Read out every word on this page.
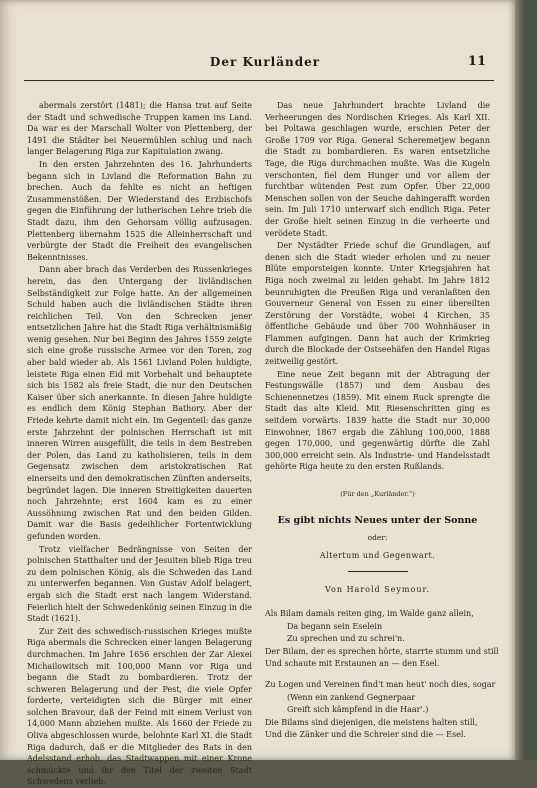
Der Kurländer	11

abermals zerstört (1481); die Hansa trat auf Seite der Stadt und schwedische Truppen kamen ins Land. Da war es der Marschall Wolter von Plettenberg, der 1491 die Städter bei Neuermühlen schlug und nach langer Belagerung Riga zur Kapitulation zwang.

In den ersten Jahrzehnten des 16. Jahrhunderts begann sich in Livland die Reformation Bahn zu brechen. Auch da fehlte es nicht an heftigen Zusammenstößen. Der Wiederstand des Erzbischofs gegen die Einführung der lutherischen Lehre trieb die Stadt dazu, ihm den Gehorsam völlig aufzusagen. Plettenberg übernahm 1525 die Alleinherrschaft und verbürgte der Stadt die Freiheit des evangelischen Bekenntnisses.

Dann aber brach das Verderben des Russenkrieges herein, das den Untergang der livländischen Selbständigkeit zur Folge hatte. An der allgemeinen Schuld haben auch die livländischen Städte ihren reichlichen Teil. Von den Schrecken jener entsetzlichen Jahre hat die Stadt Riga verhältnismäßig wenig gesehen. Nur bei Beginn des Jahres 1559 zeigte sich eine große russische Armee vor den Toren, zog aber bald wieder ab. Als 1561 Livland Polen huldigte, leistete Riga einen Eid mit Vorbehalt und behauptete sich bis 1582 als freie Stadt, die nur den Deutschen Kaiser über sich anerkannte. In diesen Jahre huldigte es endlich dem König Stephan Bathory. Aber der Friede kehrte damit nicht ein. Im Gegenteil: das ganze erste Jahrzehnt der polnischen Herrschaft ist mit inneren Wirren ausgefüllt, die teils in dem Bestreben der Polen, das Land zu katholisieren, teils in dem Gegensatz zwischen dem aristokratischen Rat einerseits und den demokratischen Zünften anderseits, begründet lagen. Die inneren Streitigkeiten dauerten noch Jahrzehnte; erst 1604 kam es zu einer Aussöhnung zwischen Rat und den beiden Gilden. Damit war die Basis gedeihlicher Fortentwicklung gefunden worden.

Trotz vielfacher Bedrängnisse von Seiten der polnischen Statthalter und der Jesuiten blieb Riga treu zu dem polnischen König, als die Schweden das Land zu unterwerfen begannen. Von Gustav Adolf belagert, ergab sich die Stadt erst nach langem Widerstand. Feierlich hielt der Schwedenkönig seinen Einzug in die Stadt (1621).

Zur Zeit des schwedisch-russischen Krieges mußte Riga abermals die Schrecken einer langen Belagerung durchmachen. Im Jahre 1656 erschien der Zar Alexei Michailowitsch mit 100,000 Mann vor Riga und begann die Stadt zu bombardieren. Trotz der schweren Belagerung und der Pest, die viele Opfer forderte, verteidigten sich die Bürger mit einer solchen Bravour, daß der Feind mit einem Verlust von 14,000 Mann abziehen mußte. Als 1660 der Friede zu Oliva abgeschlossen wurde, belohnte Karl XI. die Stadt Riga dadurch, daß er die Mitglieder des Rats in den Adelsstand erhob, das Stadtwappen mit einer Krone schmückte und ihr den Titel der zweiten Stadt Schwedens verlieh.

Das neue Jahrhundert brachte Livland die Verheerungen des Nordischen Krieges. Als Karl XII. bei Poltawa geschlagen wurde, erschien Peter der Große 1709 vor Riga. General Scheremetjew begann die Stadt zu bombardieren. Es waren entsetzliche Tage, die Riga durchmachen mußte. Was die Kugeln verschonten, fiel dem Hunger und vor allem der furchtbar wütenden Pest zum Opfer. Über 22,000 Menschen sollen von der Seuche dahingerafft worden sein. Im Juli 1710 unterwarf sich endlich Riga. Peter der Große hielt seinen Einzug in die verheerte und verödete Stadt.

Der Nystädter Friede schuf die Grundlagen, auf denen sich die Stadt wieder erholen und zu neuer Blüte emporsteigen konnte. Unter Kriegsjahren hat Riga noch zweimal zu leiden gehabt. Im Jahre 1812 beunruhigten die Preußen Riga und veranlaßten den Gouverneur General von Essen zu einer übereilten Zerstörung der Vorstädte, wobei 4 Kirchen, 35 öffentliche Gebäude und über 700 Wohnhäuser in Flammen aufgingen. Dann hat auch der Krimkrieg durch die Blockade der Ostseehäfen den Handel Rigas zeitweilig gestört.

Eine neue Zeit begann mit der Abtragung der Festungswälle (1857) und dem Ausbau des Schienennetzes (1859). Mit einem Ruck sprengte die Stadt das alte Kleid. Mit Riesenschritten ging es seitdem vorwärts. 1839 hatte die Stadt nur 30,000 Einwohner, 1867 ergab die Zählung 100,000, 1888 gegen 170,000, und gegenwärtig dürfte die Zahl 300,000 erreicht sein. Als Industrie- und Handelsstadt gehörte Riga heute zu den ersten Rußlands.

(Für den „Kurländer.“)
Es gibt nichts Neues unter der Sonne
oder:
Altertum und Gegenwart.
Von Harold Seymour.
Als Bilam damals reiten ging, im Walde ganz allein,
Da begann sein Eselein
Zu sprechen und zu schrei'n.
Der Bilam, der es sprechen hörte, starrte stumm und still
Und schaute mit Erstaunen an — den Esel.
Zu Logen und Vereinen find't man heut' noch dies, sogar
(Wenn ein zankend Gegnerpaar
Greift sich kämpfend in die Haar'.)
Die Bilams sind diejenigen, die meistens halten still,
Und die Zänker und die Schreier sind die — Esel.
